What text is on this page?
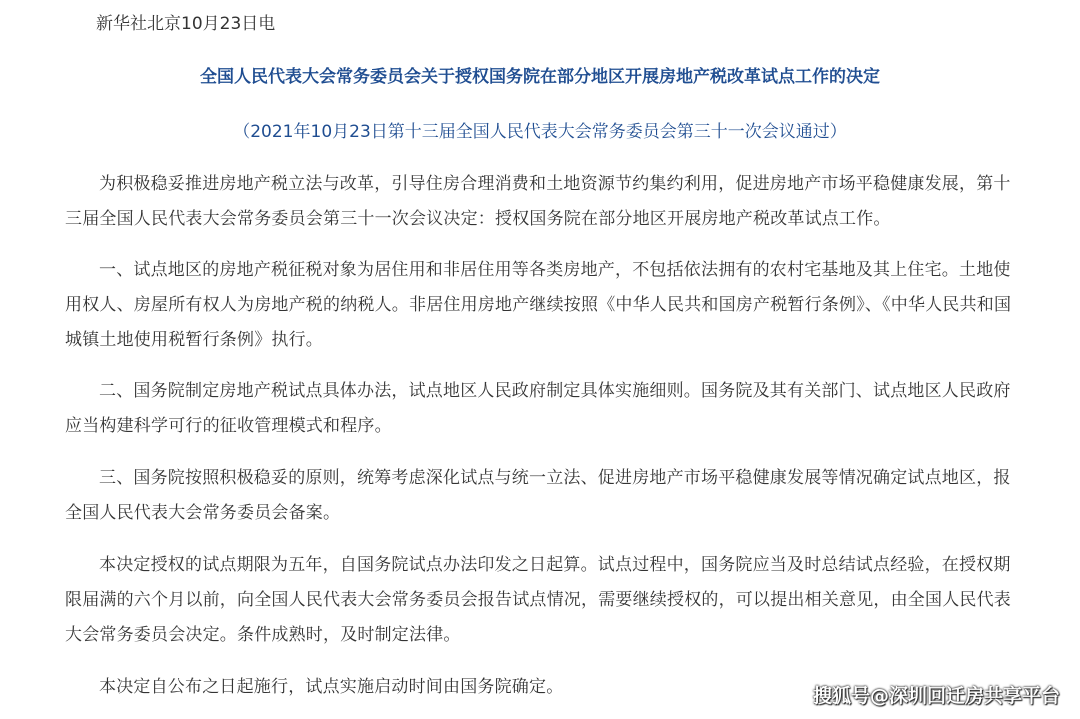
新华社北京10月23日电
全国人民代表大会常务委员会关于授权国务院在部分地区开展房地产税改革试点工作的决定
（2021年10月23日第十三届全国人民代表大会常务委员会第三十一次会议通过）

为积极稳妥推进房地产税立法与改革，引导住房合理消费和土地资源节约集约利用，促进房地产市场平稳健康发展，第十三届全国人民代表大会常务委员会第三十一次会议决定：授权国务院在部分地区开展房地产税改革试点工作。

一、试点地区的房地产税征税对象为居住用和非居住用等各类房地产，不包括依法拥有的农村宅基地及其上住宅。土地使用权人、房屋所有权人为房地产税的纳税人。非居住用房地产继续按照《中华人民共和国房产税暂行条例》、《中华人民共和国城镇土地使用税暂行条例》执行。

二、国务院制定房地产税试点具体办法，试点地区人民政府制定具体实施细则。国务院及其有关部门、试点地区人民政府应当构建科学可行的征收管理模式和程序。

三、国务院按照积极稳妥的原则，统筹考虑深化试点与统一立法、促进房地产市场平稳健康发展等情况确定试点地区，报全国人民代表大会常务委员会备案。

本决定授权的试点期限为五年，自国务院试点办法印发之日起算。试点过程中，国务院应当及时总结试点经验，在授权期限届满的六个月以前，向全国人民代表大会常务委员会报告试点情况，需要继续授权的，可以提出相关意见，由全国人民代表大会常务委员会决定。条件成熟时，及时制定法律。

本决定自公布之日起施行，试点实施启动时间由国务院确定。	搜狐号@深圳回迁房共享平台
